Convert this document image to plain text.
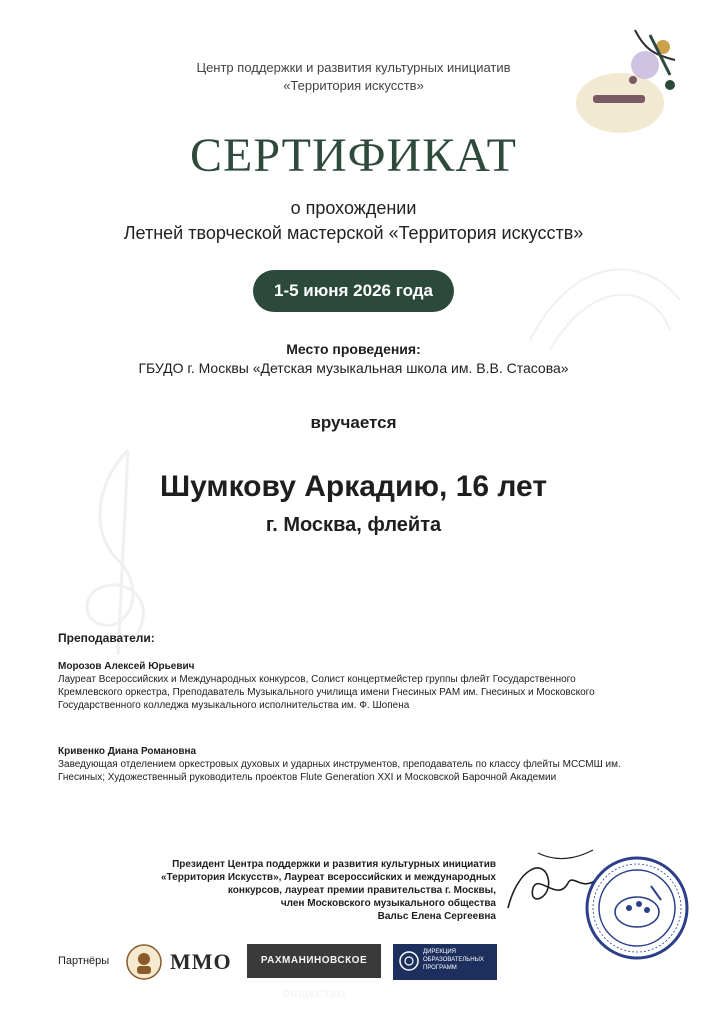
Центр поддержки и развития культурных инициатив
«Территория искусств»
СЕРТИФИКАТ
о прохождении
Летней творческой мастерской «Территория искусств»
1-5 июня 2026 года
Место проведения:
ГБУДО г. Москвы «Детская музыкальная школа им. В.В. Стасова»
вручается
Шумкову Аркадию, 16 лет
г. Москва, флейта
Преподаватели:
Морозов Алексей Юрьевич
Лауреат Всероссийских и Международных конкурсов, Солист концертмейстер группы флейт Государственного Кремлевского оркестра, Преподаватель Музыкального училища имени Гнесиных РАМ им. Гнесиных и Московского Государственного колледжа музыкального исполнительства им. Ф. Шопена
Кривенко Диана Романовна
Заведующая отделением оркестровых духовых и ударных инструментов, преподаватель по классу флейты МССМШ им. Гнесиных; Художественный руководитель проектов Flute Generation XXI и Московской Барочной Академии
Президент Центра поддержки и развития культурных инициатив
«Территория Искусств», Лауреат всероссийских и международных
конкурсов, лауреат премии правительства г. Москвы,
член Московского музыкального общества
Вальс Елена Сергеевна
Партнёры	ММО	РАХМАНИНОВСКОЕ ОБЩЕСТВО
ДИРЕКЦИЯ
ОБРАЗОВАТЕЛЬНЫХ
ПРОГРАММ
